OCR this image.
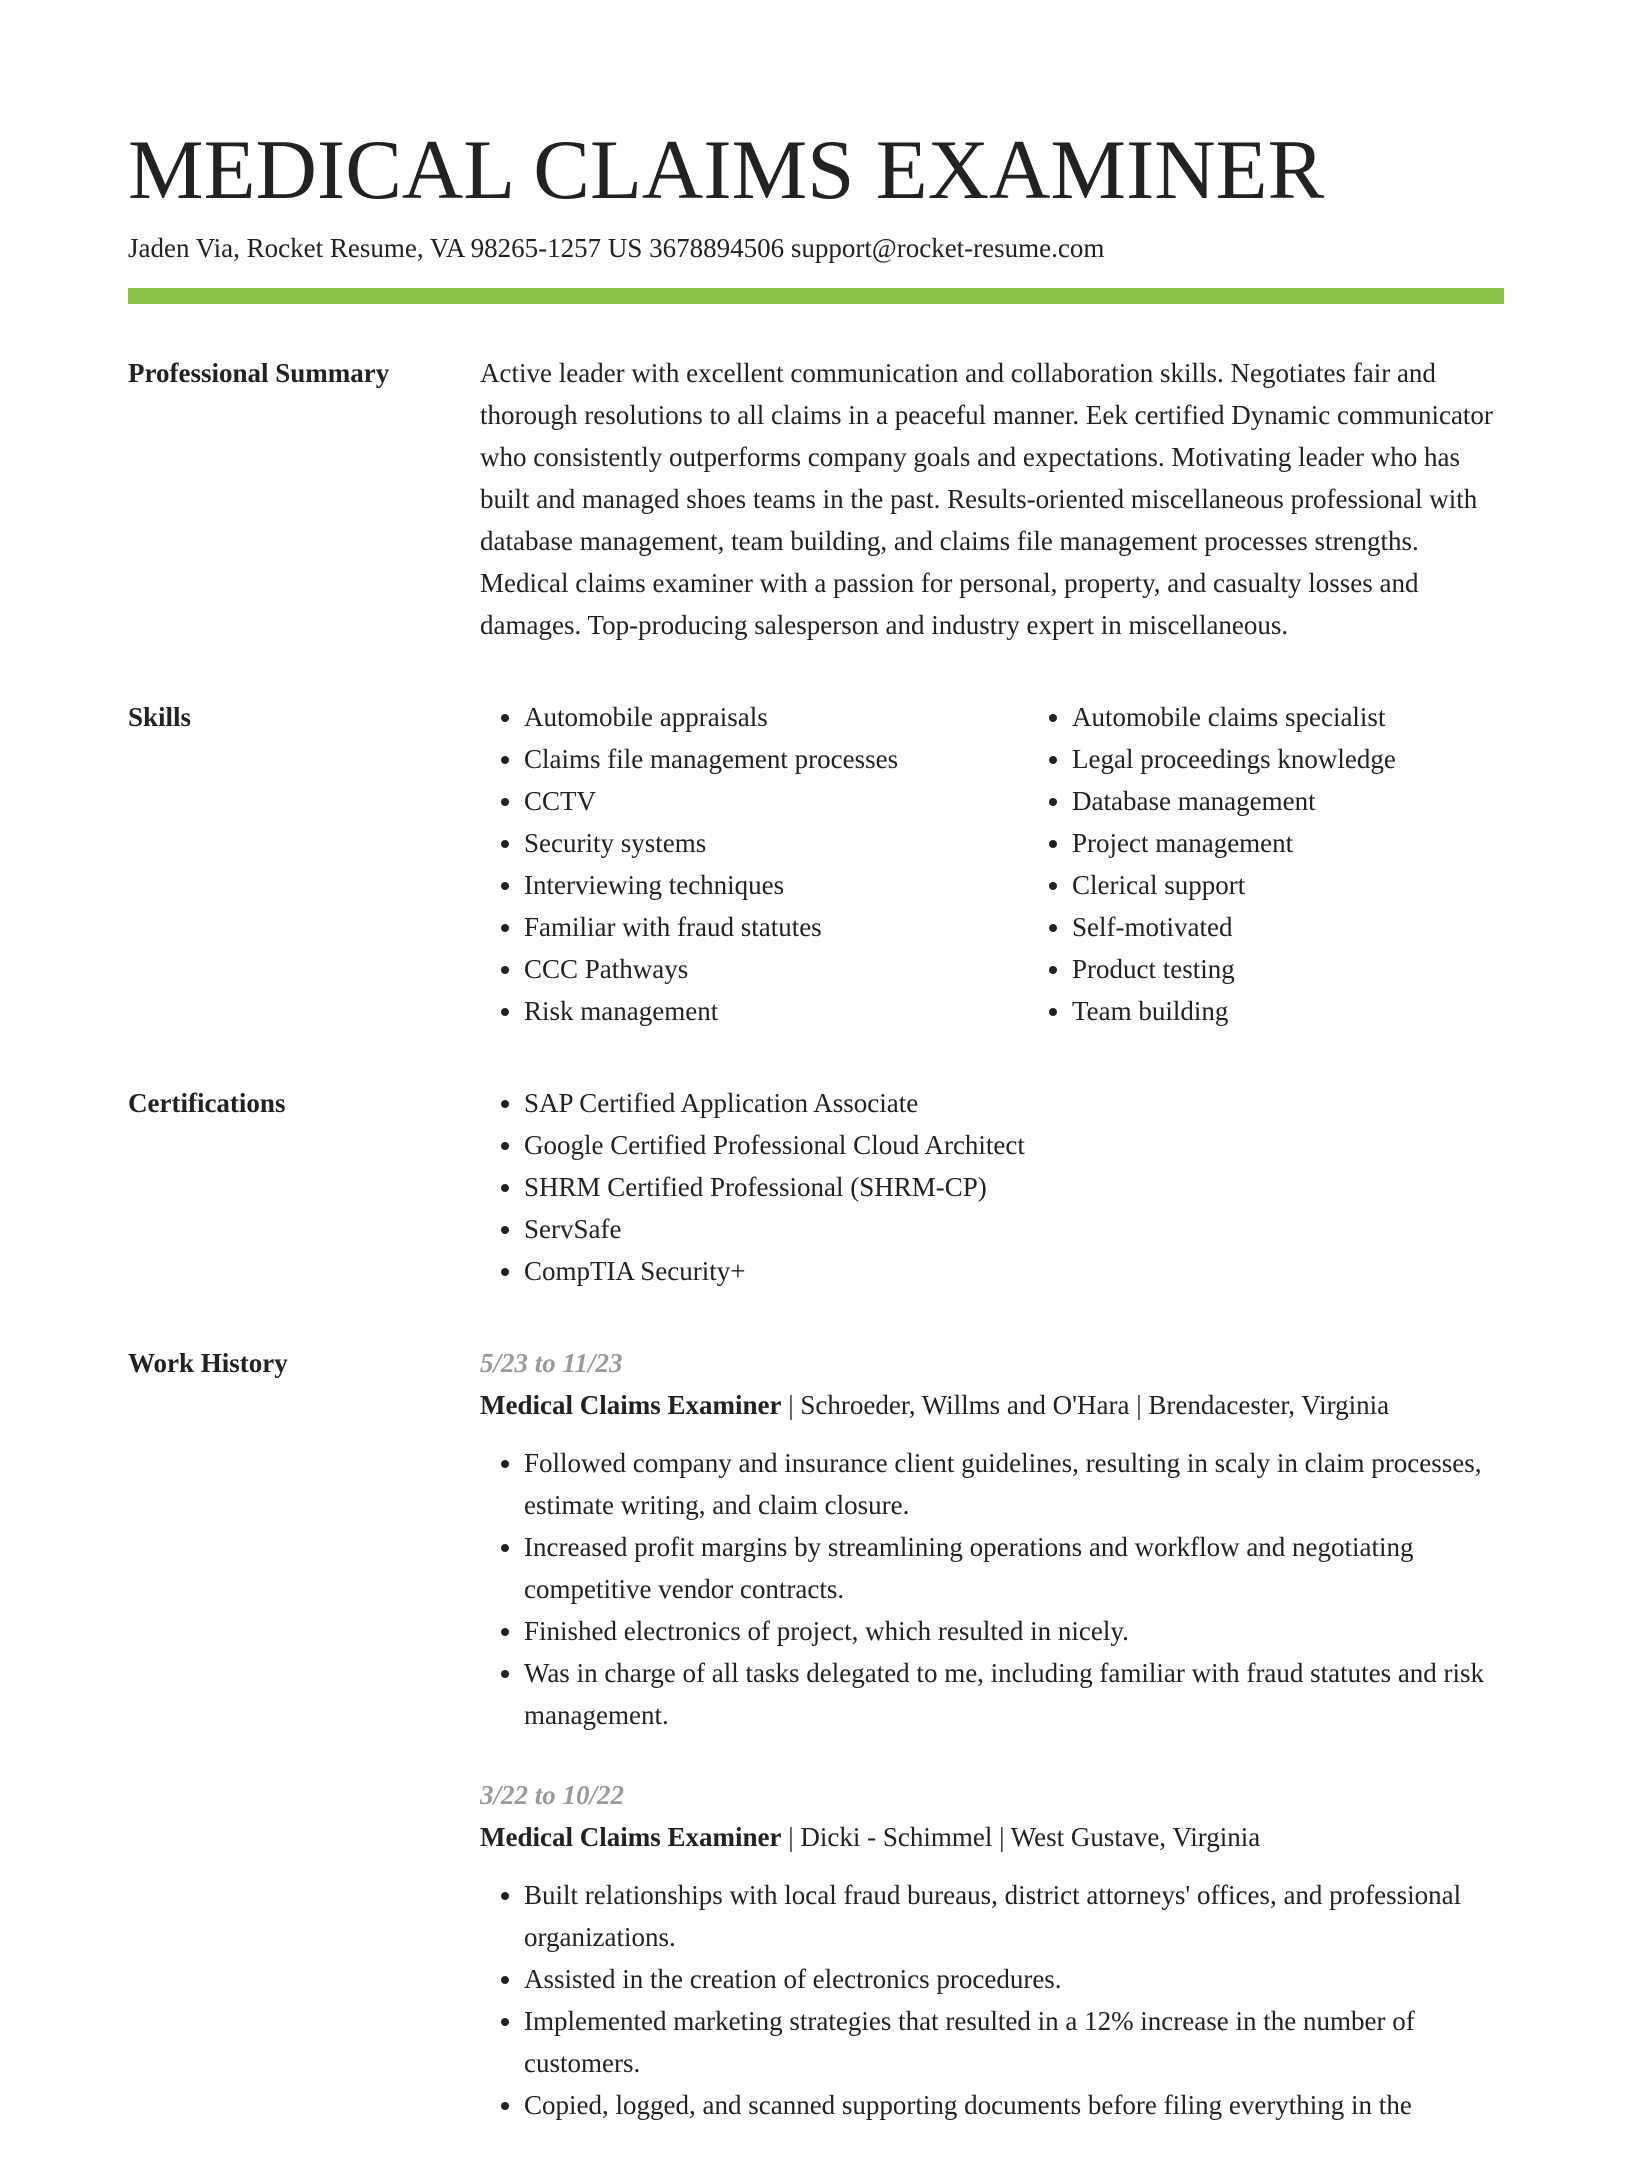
MEDICAL CLAIMS EXAMINER
Jaden Via, Rocket Resume, VA 98265-1257 US 3678894506 support@rocket-resume.com
Professional Summary	Active leader with excellent communication and collaboration skills. Negotiates fair and thorough resolutions to all claims in a peaceful manner. Eek certified Dynamic communicator who consistently outperforms company goals and expectations. Motivating leader who has built and managed shoes teams in the past. Results-oriented miscellaneous professional with database management, team building, and claims file management processes strengths. Medical claims examiner with a passion for personal, property, and casualty losses and damages. Top-producing salesperson and industry expert in miscellaneous.

Skills	• Automobile appraisals
• Claims file management processes
• CCTV
• Security systems
• Interviewing techniques
• Familiar with fraud statutes
• CCC Pathways
• Risk management
• Automobile claims specialist
• Legal proceedings knowledge
• Database management
• Project management
• Clerical support
• Self-motivated
• Product testing
• Team building
Certifications	• SAP Certified Application Associate
• Google Certified Professional Cloud Architect
• SHRM Certified Professional (SHRM-CP)
• ServSafe
• CompTIA Security+
Work History	5/23 to 11/23
Medical Claims Examiner | Schroeder, Willms and O'Hara | Brendacester, Virginia
• Followed company and insurance client guidelines, resulting in scaly in claim processes, estimate writing, and claim closure.
• Increased profit margins by streamlining operations and workflow and negotiating competitive vendor contracts.
• Finished electronics of project, which resulted in nicely.
• Was in charge of all tasks delegated to me, including familiar with fraud statutes and risk management.
3/22 to 10/22
Medical Claims Examiner | Dicki - Schimmel | West Gustave, Virginia
• Built relationships with local fraud bureaus, district attorneys' offices, and professional organizations.
• Assisted in the creation of electronics procedures.
• Implemented marketing strategies that resulted in a 12% increase in the number of customers.
• Copied, logged, and scanned supporting documents before filing everything in the
